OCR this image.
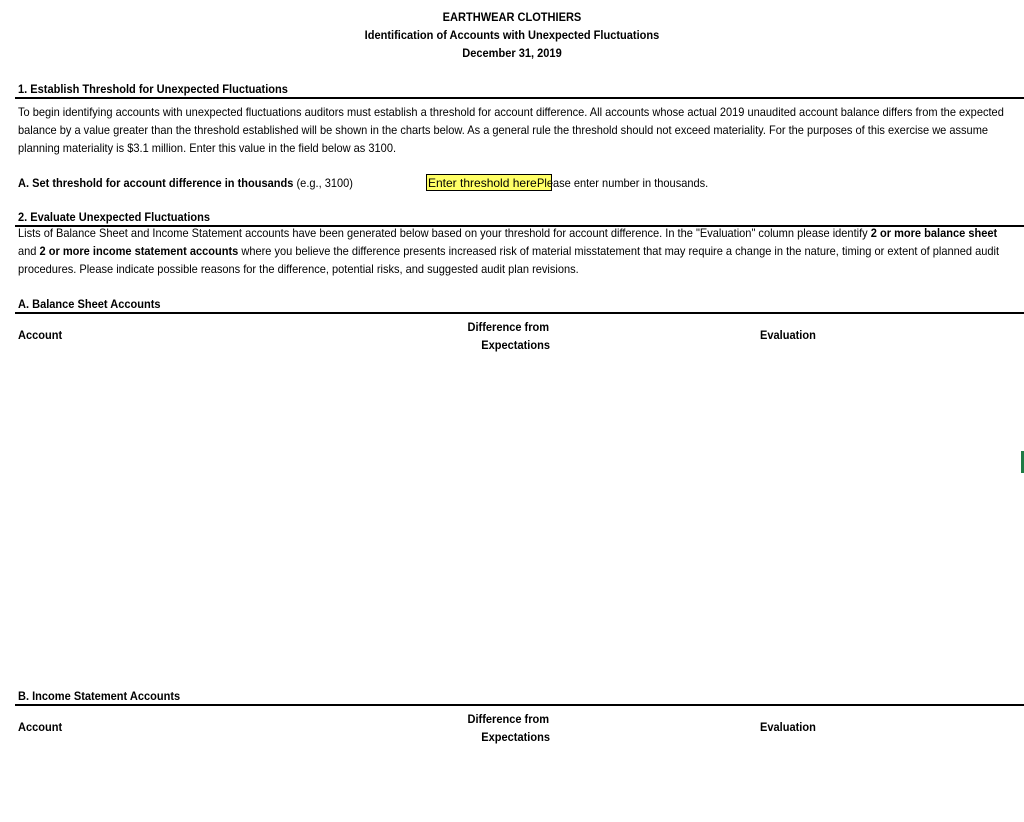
EARTHWEAR CLOTHIERS
Identification of Accounts with Unexpected Fluctuations
December 31, 2019
1. Establish Threshold for Unexpected Fluctuations
To begin identifying accounts with unexpected fluctuations auditors must establish a threshold for account difference. All accounts whose actual 2019 unaudited account balance differs from the expected
balance by a value greater than the threshold established will be shown in the charts below. As a general rule the threshold should not exceed materiality. For the purposes of this exercise we assume
planning materiality is $3.1 million. Enter this value in the field below as 3100.
A. Set threshold for account difference in thousands (e.g., 3100)
Enter threshold here.	Please enter number in thousands.
2. Evaluate Unexpected Fluctuations
Lists of Balance Sheet and Income Statement accounts have been generated below based on your threshold for account difference. In the "Evaluation" column please identify 2 or more balance sheet
and 2 or more income statement accounts where you believe the difference presents increased risk of material misstatement that may require a change in the nature, timing or extent of planned audit
procedures. Please indicate possible reasons for the difference, potential risks, and suggested audit plan revisions.
A. Balance Sheet Accounts
Account
Difference from
Expectations
Evaluation
B. Income Statement Accounts
Account
Difference from
Expectations
Evaluation
